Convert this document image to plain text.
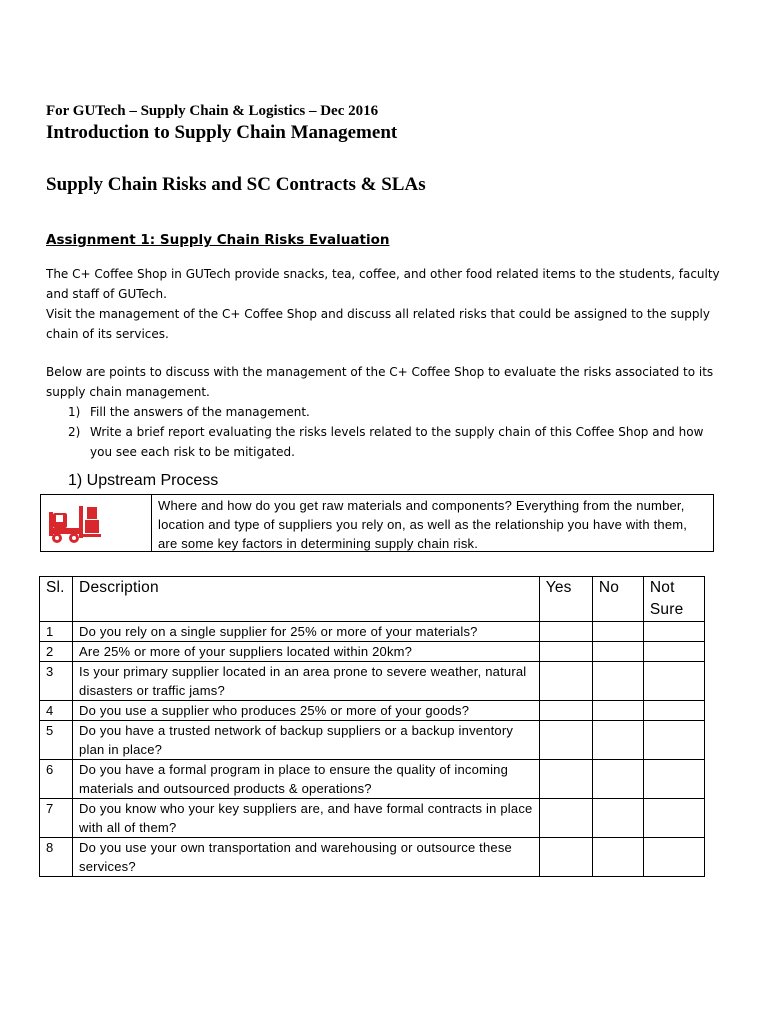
For GUTech – Supply Chain & Logistics – Dec 2016
Introduction to Supply Chain Management
Supply Chain Risks and SC Contracts & SLAs
Assignment 1: Supply Chain Risks Evaluation
The C+ Coffee Shop in GUTech provide snacks, tea, coffee, and other food related items to the students, faculty and staff of GUTech.
Visit the management of the C+ Coffee Shop and discuss all related risks that could be assigned to the supply chain of its services.
Below are points to discuss with the management of the C+ Coffee Shop to evaluate the risks associated to its supply chain management.
1) Fill the answers of the management.
2) Write a brief report evaluating the risks levels related to the supply chain of this Coffee Shop and how you see each risk to be mitigated.
1) Upstream Process
Where and how do you get raw materials and components? Everything from the number, location and type of suppliers you rely on, as well as the relationship you have with them, are some key factors in determining supply chain risk.
Sl.	Description	Yes	No	Not Sure
1	Do you rely on a single supplier for 25% or more of your materials?			
2	Are 25% or more of your suppliers located within 20km?			
3	Is your primary supplier located in an area prone to severe weather, natural disasters or traffic jams?			
4	Do you use a supplier who produces 25% or more of your goods?			
5	Do you have a trusted network of backup suppliers or a backup inventory plan in place?			
6	Do you have a formal program in place to ensure the quality of incoming materials and outsourced products & operations?			
7	Do you know who your key suppliers are, and have formal contracts in place with all of them?			
8	Do you use your own transportation and warehousing or outsource these services?			
